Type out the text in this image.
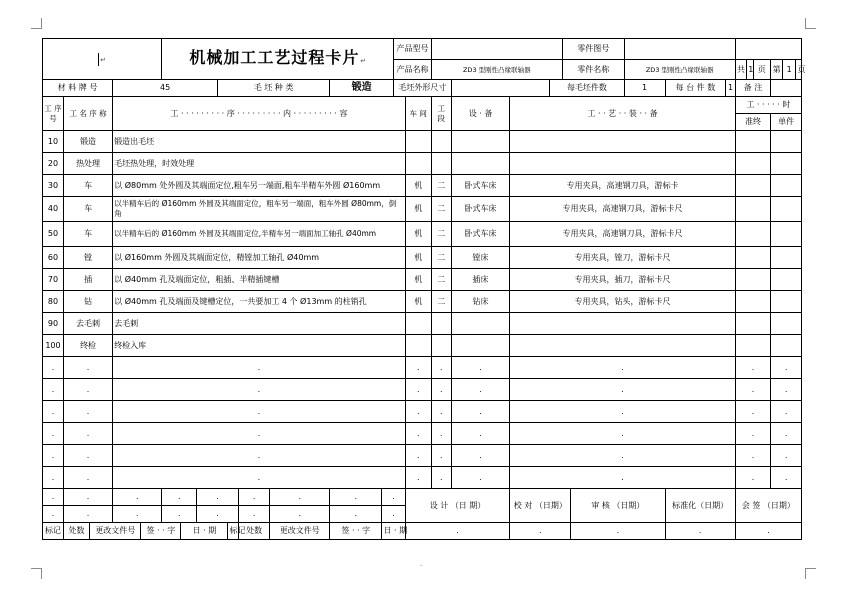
↵					机械加工工艺过程卡片↵									产品型号						零件图号										
														产品名称		ZD3 型刚性凸缘联轴器				零件名称		ZD3 型刚性凸缘联轴器			共	1	页	第	1	页
材 料 牌 号			45					毛 坯 种 类				锻造		毛坯外形尺寸					每毛坯件数			1	每 台 件 数	1	备 注					
工 序 号	工 名 序 称		工 · · · · · · · · · 序 · · · · · · · · · 内 · · · · · · · · · 容												车 间	工 段	设 · 备	工 · · 艺 · · 装 · · 备							工 · · · · · 时					
																									准终			单件		
10	锻造		锻造出毛坯																											
20	热处理		毛坯热处理，时效处理																											
30	车		以 Ø80mm 处外圆及其端面定位,粗车另一端面,粗车半精车外圆 Ø160mm												机	二	卧式车床	专用夹具，高速钢刀具，游标卡												
40	车		以半精车后的 Ø160mm 外圆及其端面定位，粗车另一端面，粗车外圆 Ø80mm，倒角												机	二	卧式车床	专用夹具，高速钢刀具，游标卡尺												
50	车		以半精车后的 Ø160mm 外圆及其端面定位,半精车另一端面加工轴孔 Ø40mm												机	二	卧式车床	专用夹具，高速钢刀具，游标卡尺												
60	镗		以 Ø160mm 外圆及其端面定位，精镗加工轴孔 Ø40mm												机	二	镗床	专用夹具，镗刀，游标卡尺												
70	插		以 Ø40mm 孔及端面定位，粗插、半精插键槽												机	二	插床	专用夹具，插刀，游标卡尺												
80	钻		以 Ø40mm 孔及端面及键槽定位，一共要加工 4 个 Ø13mm 的柱销孔												机	二	钻床	专用夹具，钻头，游标卡尺												
90	去毛刺		去毛刺																											
100	终检		终检入库																											
.	.		.												.	.	.	.							.			.		
.	.		.												.	.	.	.							.			.		
.	.		.												.	.	.	.							.			.		
.	.		.												.	.	.	.							.			.		
.	.		.												.	.	.	.							.			.		
.	.		.												.	.	.	.							.			.		
.	.		.		.		.			.	.	.	.		设 计 （日 期）			校 对 （日期）			审 核 （日期）		标准化（日期）		会 签 （日期）					
.	.		.		.		.			.	.	.	.																	
标记	处数	更改文件号		签 · · 字		日 · 期			标记	处数	更改文件号	签 · · 字	日 · 期		.			.			.		.		.					
.
